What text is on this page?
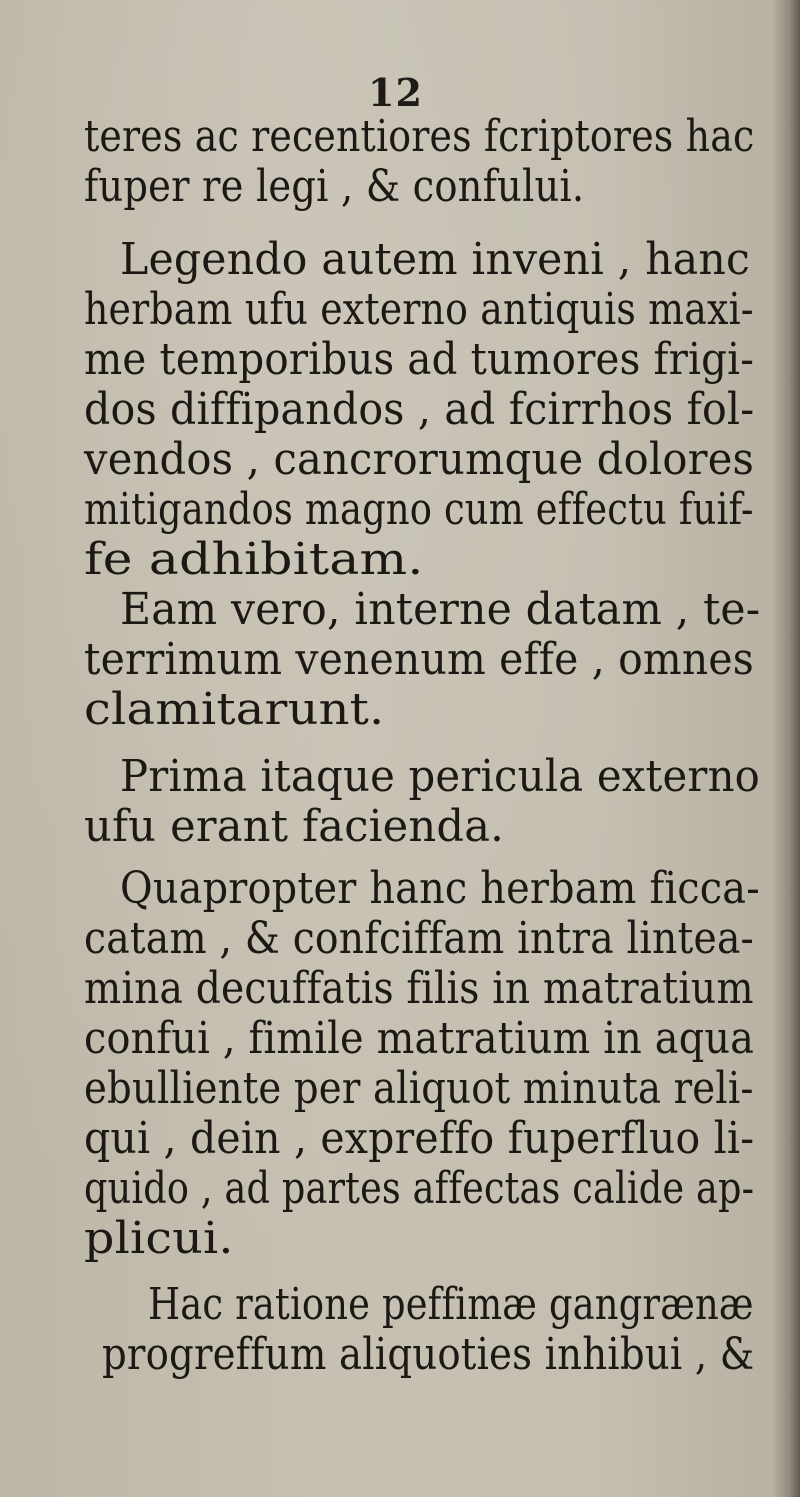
12
teres ac recentiores fcriptores hac
fuper re legi , & confului.
Legendo autem inveni , hanc
herbam ufu externo antiquis maxi-
me temporibus ad tumores frigi-
dos diffipandos , ad fcirrhos fol-
vendos , cancrorumque dolores
mitigandos magno cum effectu fuif-
fe adhibitam.
Eam vero, interne datam , te-
terrimum venenum effe , omnes
clamitarunt.
Prima itaque pericula externo
ufu erant facienda.
Quapropter hanc herbam ficca-
catam , & confciffam intra lintea-
mina decuffatis filis in matratium
confui , fimile matratium in aqua
ebulliente per aliquot minuta reli-
qui , dein , expreffo fuperfluo li-
quido , ad partes affectas calide ap-
plicui.
Hac ratione peffimæ gangrænæ
progreffum aliquoties inhibui , &
